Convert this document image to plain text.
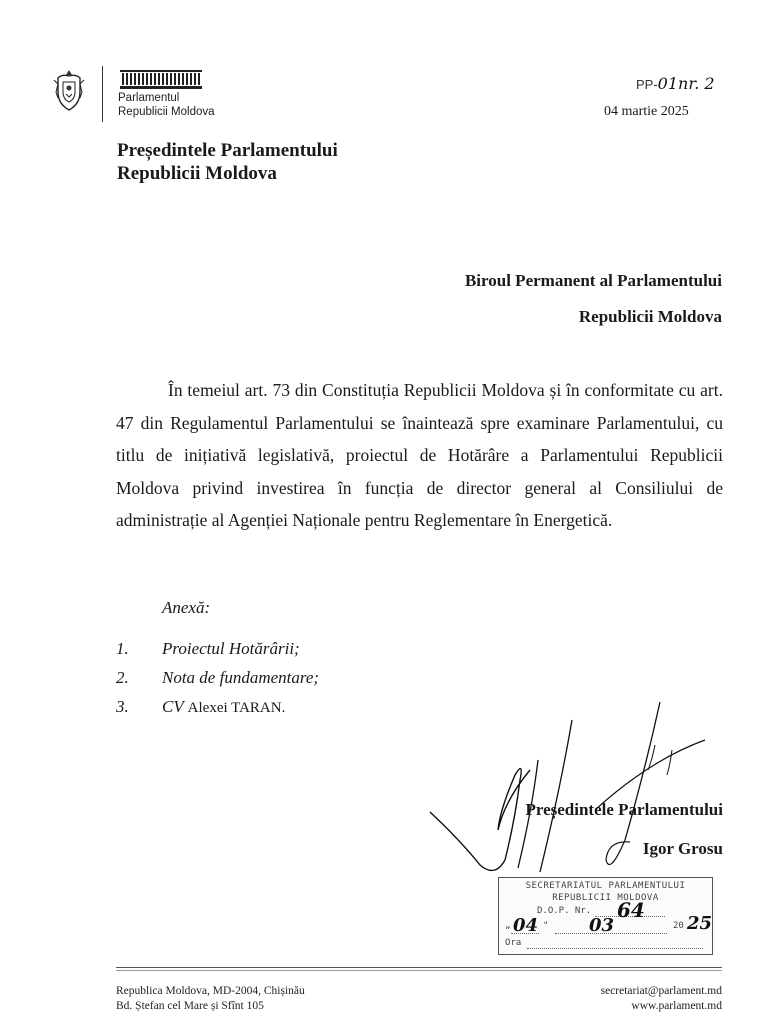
Parlamentul
Republicii Moldova
PP-01nr. 2
04 martie 2025
Președintele Parlamentului
Republicii Moldova
Biroul Permanent al Parlamentului
Republicii Moldova

În temeiul art. 73 din Constituția Republicii Moldova și în conformitate cu art. 47 din Regulamentul Parlamentului se înaintează spre examinare Parlamentului, cu titlu de inițiativă legislativă, proiectul de Hotărâre a Parlamentului Republicii Moldova privind investirea în funcția de director general al Consiliului de administrație al Agenției Naționale pentru Reglementare în Energetică.

Anexă:
1.	Proiectul Hotărârii;
2.	Nota de fundamentare;
3.	CV Alexei TARAN.
Președintele Parlamentului
Igor Grosu
SECRETARIATUL PARLAMENTULUI
REPUBLICII MOLDOVA
D.O.P. Nr. 64
„ 04 " 03	20 25
Ora
Republica Moldova, MD-2004, Chișinău
Bd. Ștefan cel Mare și Sfînt 105
secretariat@parlament.md
www.parlament.md
